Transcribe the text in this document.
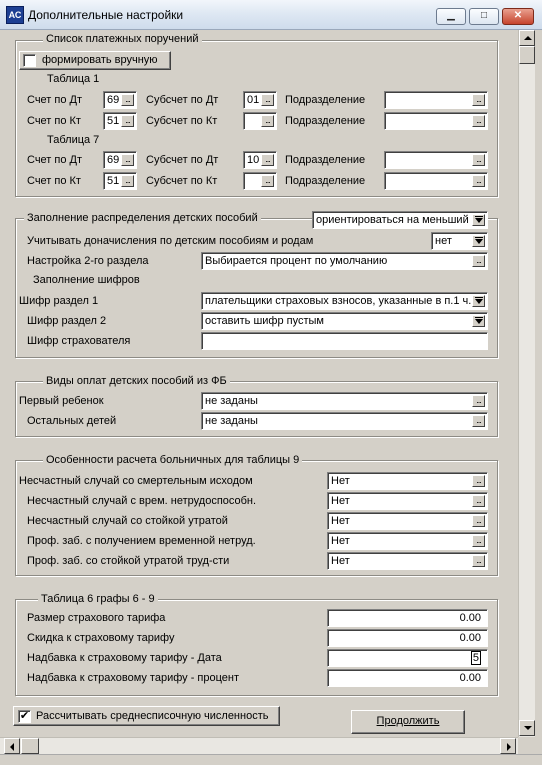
АС Дополнительные настройки	▁	□	✕
Список платежных поручений
формировать вручную
Таблица 1
Счет по Дт	69 ...	Субсчет по Дт	01 ...	Подразделение	...
Счет по Кт	51 ...	Субсчет по Кт	...	Подразделение	...
Таблица 7
Счет по Дт	69 ...	Субсчет по Дт	10 ...	Подразделение	...
Счет по Кт	51 ...	Субсчет по Кт	...	Подразделение	...
Заполнение распределения детских пособий	ориентироваться на меньший
Учитывать доначисления по детским пособиям и родам	нет
Настройка 2-го раздела	Выбирается процент по умолчанию	...
Заполнение шифров
Шифр раздел 1	плательщики страховых взносов, указанные в п.1 ч.
Шифр раздел 2	оставить шифр пустым
Шифр страхователя
Виды оплат детских пособий из ФБ
Первый ребенок	не заданы	...
Остальных детей	не заданы	...
Особенности расчета больничных для таблицы 9
Несчастный случай со смертельным исходом	Нет	...
Несчастный случай с врем. нетрудоспособн.	Нет	...
Несчастный случай со стойкой утратой	Нет	...
Проф. заб. с получением временной нетруд.	Нет	...
Проф. заб. со стойкой утратой труд-сти	Нет	...
Таблица 6 графы 6 - 9
Размер страхового тарифа	0.00
Скидка к страховому тарифу	0.00
Надбавка к страховому тарифу - Дата	5
Надбавка к страховому тарифу - процент	0.00
✔ Рассчитывать среднесписочную численность	Продолжить
